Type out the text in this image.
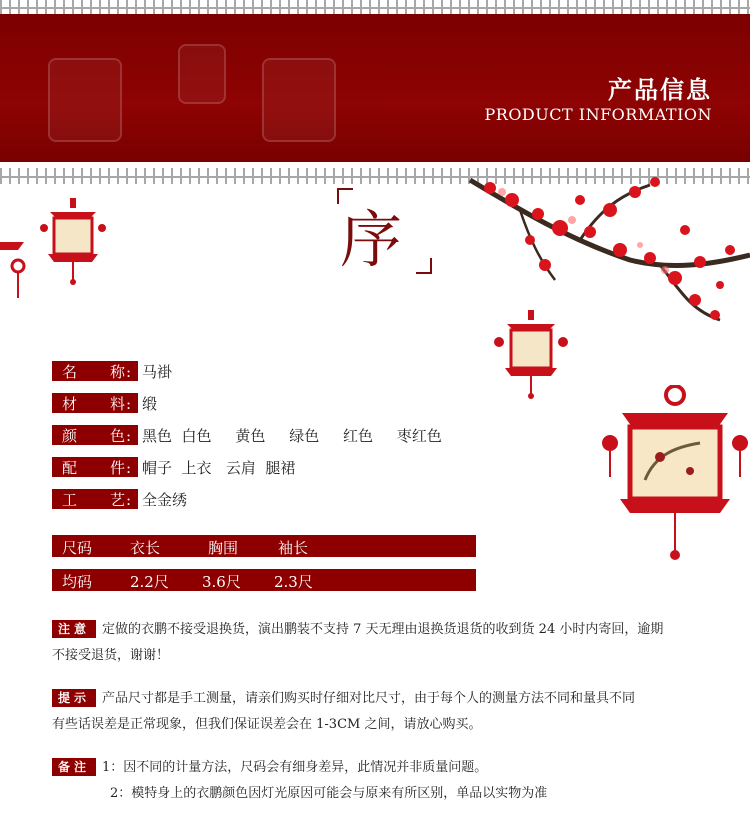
产品信息
PRODUCT INFORMATION
序
名 称: 马褂
材 料: 缎
颜 色: 黑色  白色     黄色     绿色     红色     枣红色
配 件: 帽子  上衣   云肩  腿裙
工 艺: 全金绣
尺码	衣长	胸围	袖长
均码	2.2尺 3.6尺 2.3尺
注意 定做的衣鹏不接受退换货，演出鹏装不支持 7 天无理由退换货退货的收到货 24 小时内寄回，逾期
不接受退货，谢谢！
提示 产品尺寸都是手工测量，请亲们购买时仔细对比尺寸，由于每个人的测量方法不同和量具不同
有些话误差是正常现象，但我们保证误差会在 1-3CM 之间，请放心购买。
备注 1：因不同的计量方法，尺码会有细身差异，此情况并非质量问题。
2：模特身上的衣鹏颜色因灯光原因可能会与原来有所区别，单品以实物为准
